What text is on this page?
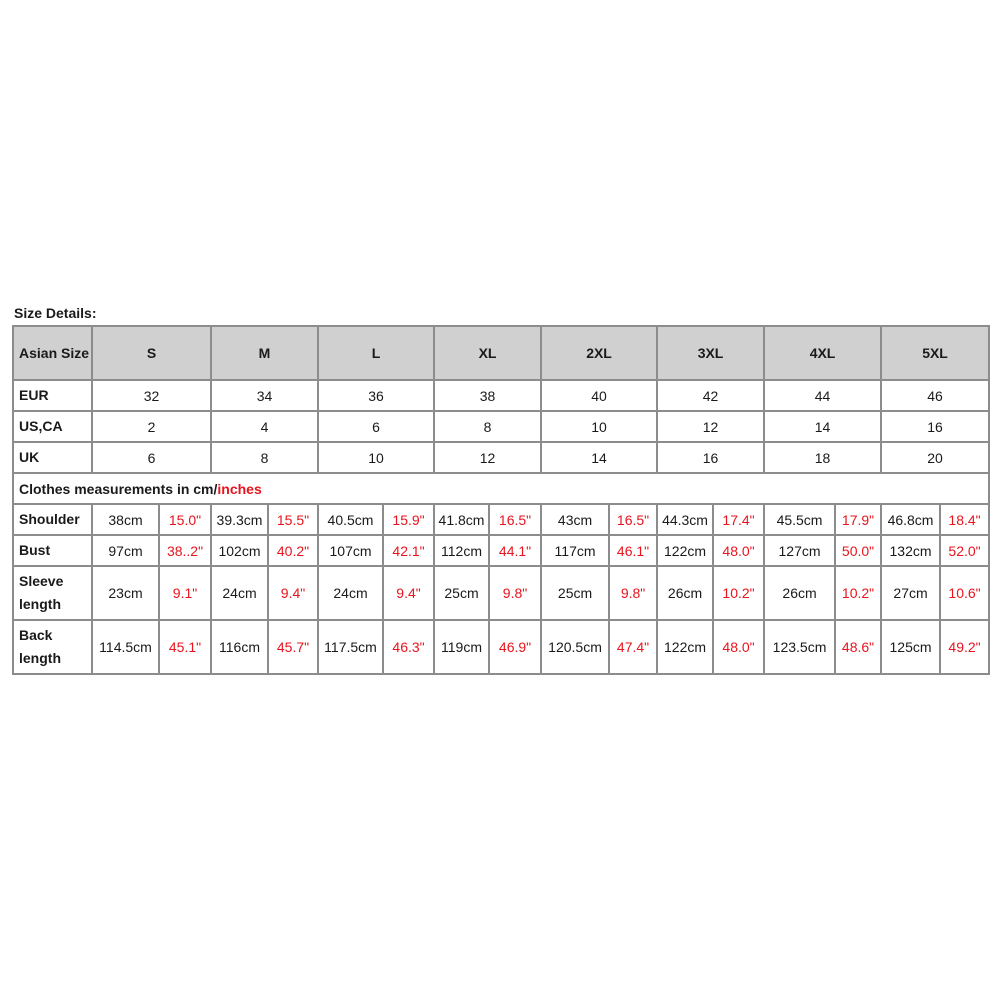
Size Details:
Asian Size	S		M		L		XL		2XL		3XL		4XL		5XL	
EUR	32		34		36		38		40		42		44		46	
US,CA	2		4		6		8		10		12		14		16	
UK	6		8		10		12		14		16		18		20	
Clothes measurements in cm/inches																
Shoulder	38cm	15.0"	39.3cm	15.5"	40.5cm	15.9"	41.8cm	16.5"	43cm	16.5"	44.3cm	17.4"	45.5cm	17.9"	46.8cm	18.4"
Bust	97cm	38..2"	102cm	40.2"	107cm	42.1"	112cm	44.1"	117cm	46.1"	122cm	48.0"	127cm	50.0"	132cm	52.0"
Sleeve length	23cm	9.1"	24cm	9.4"	24cm	9.4"	25cm	9.8"	25cm	9.8"	26cm	10.2"	26cm	10.2"	27cm	10.6"
Back length	114.5cm	45.1"	116cm	45.7"	117.5cm	46.3"	119cm	46.9"	120.5cm	47.4"	122cm	48.0"	123.5cm	48.6"	125cm	49.2"
